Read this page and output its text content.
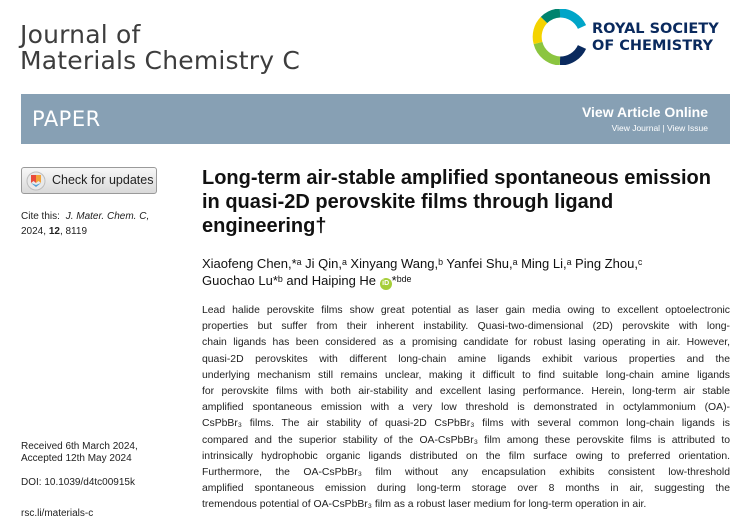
Journal of
Materials Chemistry C
ROYAL SOCIETY
OF CHEMISTRY
PAPER	View Article Online
View Journal | View Issue
Check for updates
Cite this: J. Mater. Chem. C,
2024, 12, 8119
Received 6th March 2024,
Accepted 12th May 2024
DOI: 10.1039/d4tc00915k
rsc.li/materials-c
Long-term air-stable amplified spontaneous emission in quasi-2D perovskite films through ligand engineering†
Xiaofeng Chen,*ᵃ Ji Qin,ᵃ Xinyang Wang,ᵇ Yanfei Shu,ᵃ Ming Li,ᵃ Ping Zhou,ᶜ
Guochao Lu*ᵇ and Haiping He iD *ᵇᵈᵉ
Lead halide perovskite films show great potential as laser gain media owing to excellent optoelectronic
properties but suffer from their inherent instability. Quasi-two-dimensional (2D) perovskite with long-
chain ligands has been considered as a promising candidate for robust lasing operating in air. However,
quasi-2D perovskites with different long-chain amine ligands exhibit various properties and the
underlying mechanism still remains unclear, making it difficult to find suitable long-chain amine ligands
for perovskite films with both air-stability and excellent lasing performance. Herein, long-term air stable
amplified spontaneous emission with a very low threshold is demonstrated in octylammonium (OA)-
CsPbBr₃ films. The air stability of quasi-2D CsPbBr₃ films with several common long-chain ligands is
compared and the superior stability of the OA-CsPbBr₃ film among these perovskite films is attributed to
intrinsically hydrophobic organic ligands distributed on the film surface owing to preferred orientation.
Furthermore, the OA-CsPbBr₃ film without any encapsulation exhibits consistent low-threshold
amplified spontaneous emission during long-term storage over 8 months in air, suggesting the
tremendous potential of OA-CsPbBr₃ film as a robust laser medium for long-term operation in air.
